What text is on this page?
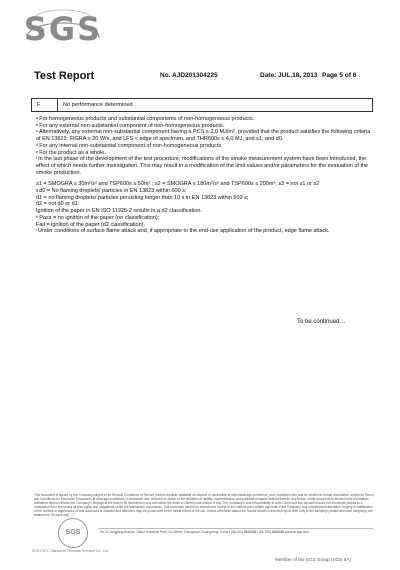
SGS
Test Report	No. AJD201304225	Date: JUL.18, 2013 Page 5 of 6
F	No performance determined

$^a$For homogeneous products and substantial components of non-homogeneous products.

$^b$For any external non-substantial component of non-homogeneous products.

$^c$Alternatively, any external non-substantial component having a PCS ≤ 2,0 MJ/m², provided that the product satisfies the following criteria of EN 13823: FIGRA ≤ 20 W/s, and LFS < edge of specimen, and THR600s ≤ 4,0 MJ, and s1, and d0.

$^d$For any internal non-substantial component of non-homogeneous products.

$^e$For the product as a whole.

$^f$In the last phase of the development of the test procedure, modifications of the smoke measurement system have been introduced, the effect of which needs further investigation. This may result in a modification of the limit values and/or parameters for the evaluation of the smoke production.

s1 = SMOGRA ≤ 30m²/s² and TSP600s ≤ 50m² ; s2 = SMOGRA ≤ 180m²/s² and TSP600s ≤ 200m²; s3 = not s1 or s2

$^g$d0 = No flaming droplets/ particles in EN 13823 within 600 s;

d1 = no flaming droplets/ particles persisting longer than 10 s in EN 13823 within 600 s;

d2 = not d0 or d1.

Ignition of the paper in EN ISO 11925-2 results in a d2 classification.

$^h$Pass = no ignition of the paper (no classification);

Fail = ignition of the paper (d2 classification).

$^i$Under conditions of surface flame attack and, if appropriate to the end-use application of the product, edge flame attack.

To be continued…
This document is issued by the Company subject to its General Conditions of Service printed overleaf, available on request or accessible at http://www.sgs.com/terms_and_conditions.htm and for electronic format documents, subject to Terms and Conditions for Electronic Documents at www.sgs.com/terms_e-document.htm. Attention is drawn to the limitation of liability, indemnification and jurisdiction issues defined therein. Any holder of this document is advised that information contained hereon reflects the Company's findings at the time of its intervention only and within the limits of Client's instructions, if any. The Company's sole responsibility is to its Client and this document does not exonerate parties to a transaction from exercising all their rights and obligations under the transaction documents. This document cannot be reproduced except in full, without prior written approval of the Company. Any unauthorized alteration, forgery or falsification of the content or appearance of this document is unlawful and offenders may be prosecuted to the fullest extent of the law. Unless otherwise stated the results shown in this test report refer only to the sample(s) tested and such sample(s) are retained for 30 days only.
SGS
SGS-CSTC Standards Technical Services Co., Ltd.
No.31 Yongjiang Avenue, Dianzi Industrial Park, Gu Street, Zhongshan, Guangdong, China t (86-760) 8888888 f (86-760) 8888888 www.cn.sgs.com
Member of the SGS Group (SGS SA)
